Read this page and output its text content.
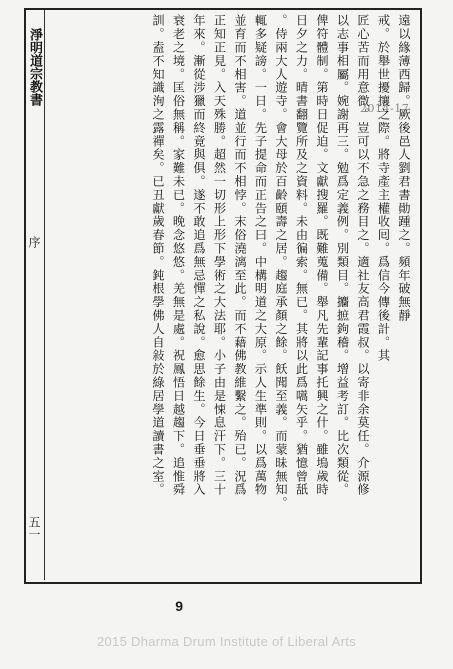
淨明道宗教書
序
五一
2014-17
遠以緣薄西歸。厥後邑人劉君書勛踵之。頻年破無靜
戒。於舉世擾攘之際。將寺產主權收囘。爲信今傳後計。其
匠心苦而用意微。豈可以不急之務目之。適社友高君霞叔。以寄非余莫任。介源修
以志事相屬。婉謝再三。勉爲定義例。別類目。攟摭鉤稽。增益考訂。比次類從。
俾符體制。第時日促迫。文獻搜羅。既難蒐備。舉凡先輩記事托興之什。雖塢歲時
日夕之力。晴書翻覽所及之資料。未由徧索。無已。其將以此爲嚆矢乎。猶憶曾舐
。侍兩大人遊寺。會大母於百齡頤壽之居。趨庭承顏之餘。飫聞至義。而蒙昧無知。
輒多疑謗。一日。先子提命而正告之曰。中構明道之大原。示人生準則。以爲萬物
並育而不相害。道並行而不相悖。末俗澆漓至此。而不藉佛教維繫之。殆已。況爲
正知正見。入天殊勝。超然一切形上形下學術之大法耶。小子由是悚息汗下。三十
年來。漸從涉獵而終竟與俱。遂不敢追爲無忌憚之私說。愈思餘生。今日垂垂將入
衰老之境。匡俗無稱。家難未已。晚念悠悠。羌無是處。祝鳳悟日越趨下。追惟舜
訓。盍不知識洵之露禪矣。已丑獻歲春節。鈍根學佛人自敍於綠居學道讀書之室。
9
2015 Dharma Drum Institute of Liberal Arts
